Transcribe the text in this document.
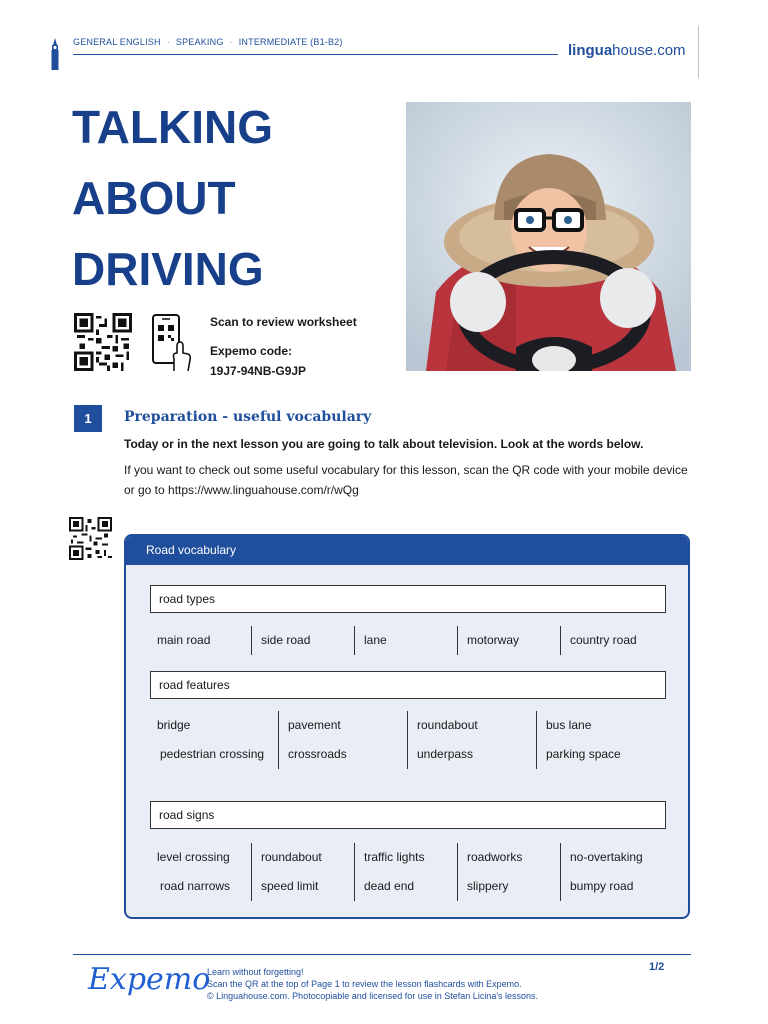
GENERAL ENGLISH · SPEAKING · INTERMEDIATE (B1-B2)	linguahouse.com
TALKING
ABOUT
DRIVING
Scan to review worksheet
Expemo code:
19J7-94NB-G9JP
1	Preparation - useful vocabulary
Today or in the next lesson you are going to talk about television. Look at the words below.
If you want to check out some useful vocabulary for this lesson, scan the QR code with your mobile device or go to https://www.linguahouse.com/r/wQg
Road vocabulary
road types
main road	side road	lane	motorway	country road
road features
bridge	pavement	roundabout	bus lane
pedestrian crossing	crossroads	underpass	parking space
road signs
level crossing	roundabout	traffic lights	roadworks	no-overtaking
road narrows	speed limit	dead end	slippery	bumpy road
Expemo
Learn without forgetting!
Scan the QR at the top of Page 1 to review the lesson flashcards with Expemo.
© Linguahouse.com. Photocopiable and licensed for use in Stefan Licina's lessons.
1/2
